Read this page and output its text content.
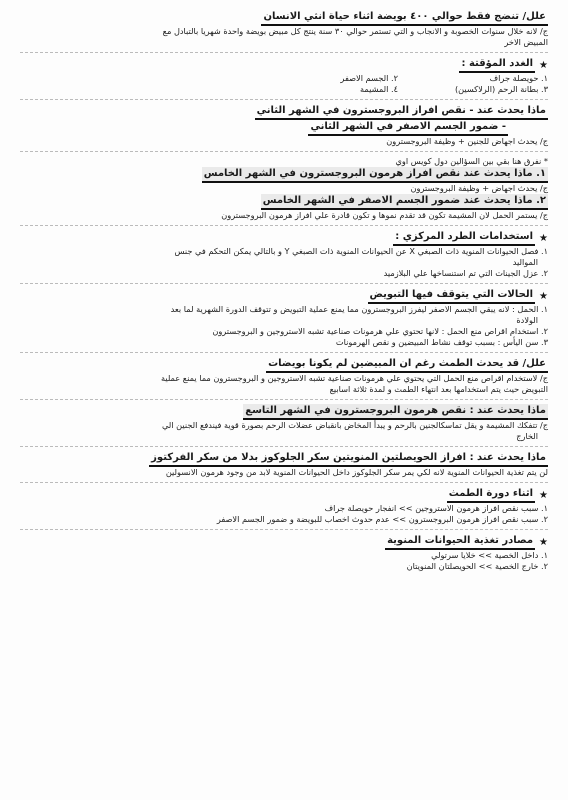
علل/ تنضج فقط حوالي ٤٠٠ بويضة اثناء حياة انثي الانسان

ج/ لانه خلال سنوات الخصوبة و الانجاب و التي تستمر حوالي ٣٠ سنة ينتج كل مبيض بويضة واحدة شهريا بالتبادل مع

المبيض الاخر

★
الغدد المؤقتة :
١. حويصلة جراف
٢. الجسم الاصفر
٣. بطانة الرحم (الرلاكسين)
٤. المشيمة
ماذا يحدث عند - نقص افراز البروجسترون في الشهر الثاني
- ضمور الجسم الاصفر في الشهر الثاني

ج/ يحدث اجهاض للجنين + وظيفة البروجسترون

* نفرق هنا بقي بين السؤالين دول كويس اوي

١. ماذا يحدث عند نقص افراز هرمون البروجسترون في الشهر الخامس

ج/ يحدث اجهاض + وظيفة البروجسترون

٢. ماذا يحدث عند ضمور الجسم الاصفر في الشهر الخامس

ج/ يستمر الحمل لان المشيمة تكون قد تقدم نموها و تكون قادرة علي افراز هرمون البروجسترون

★
استخدامات الطرد المركزي :

١. فصل الحيوانات المنوية ذات الصبغي X عن الحيوانات المنوية ذات الصبغي Y و بالتالي يمكن التحكم في جنس

المواليد

٢. عزل الجينات التي تم استنساخها علي البلازميد

★
الحالات التي يتوقف فيها التبويض

١. الحمل : لانه يبقي الجسم الاصفر ليفرز البروجسترون مما يمنع عملية التبويض و تتوقف الدورة الشهرية لما بعد

الولادة

٢. استخدام اقراص منع الحمل : لانها تحتوي علي هرمونات صناعية تشبه الاستروجين و البروجسترون

٣. سن اليأس : بسبب توقف نشاط المبيضين و نقص الهرمونات

علل/ قد يحدث الطمث رغم ان المبيضين لم يكونا بويضات

ج/ لاستخدام اقراص منع الحمل التي يحتوي علي هرمونات صناعية تشبه الاستروجين و البروجسترون مما يمنع عملية

التبويض حيث يتم استخدامها بعد انتهاء الطمث و لمدة ثلاثة اسابيع

ماذا يحدث عند : نقص هرمون البروجسترون في الشهر التاسع

ج/ تتفكك المشيمة و يقل تماسكالجنين بالرحم و يبدأ المخاض بانقباض عضلات الرحم بصورة قوية فيندفع الجنين الي

الخارج

ماذا يحدث عند : افراز الحويصلتين المنويتين سكر الجلوكوز بدلا من سكر الفركتوز

لن يتم تغذية الحيوانات المنوية لانه لكي يمر سكر الجلوكوز داخل الحيوانات المنوية لابد من وجود هرمون الانسولين

★
اثناء دورة الطمث

١. سبب نقص افراز هرمون الاستروجين >> انفجار حويصلة جراف

٢. سبب نقص افراز هرمون البروجسترون >> عدم حدوث اخصاب للبويضة و ضمور الجسم الاصفر

★
مصادر تغذية الحيوانات المنوية

١. داخل الخصية >> خلايا سرتولي

٢. خارج الخصية >> الحويصلتان المنويتان
